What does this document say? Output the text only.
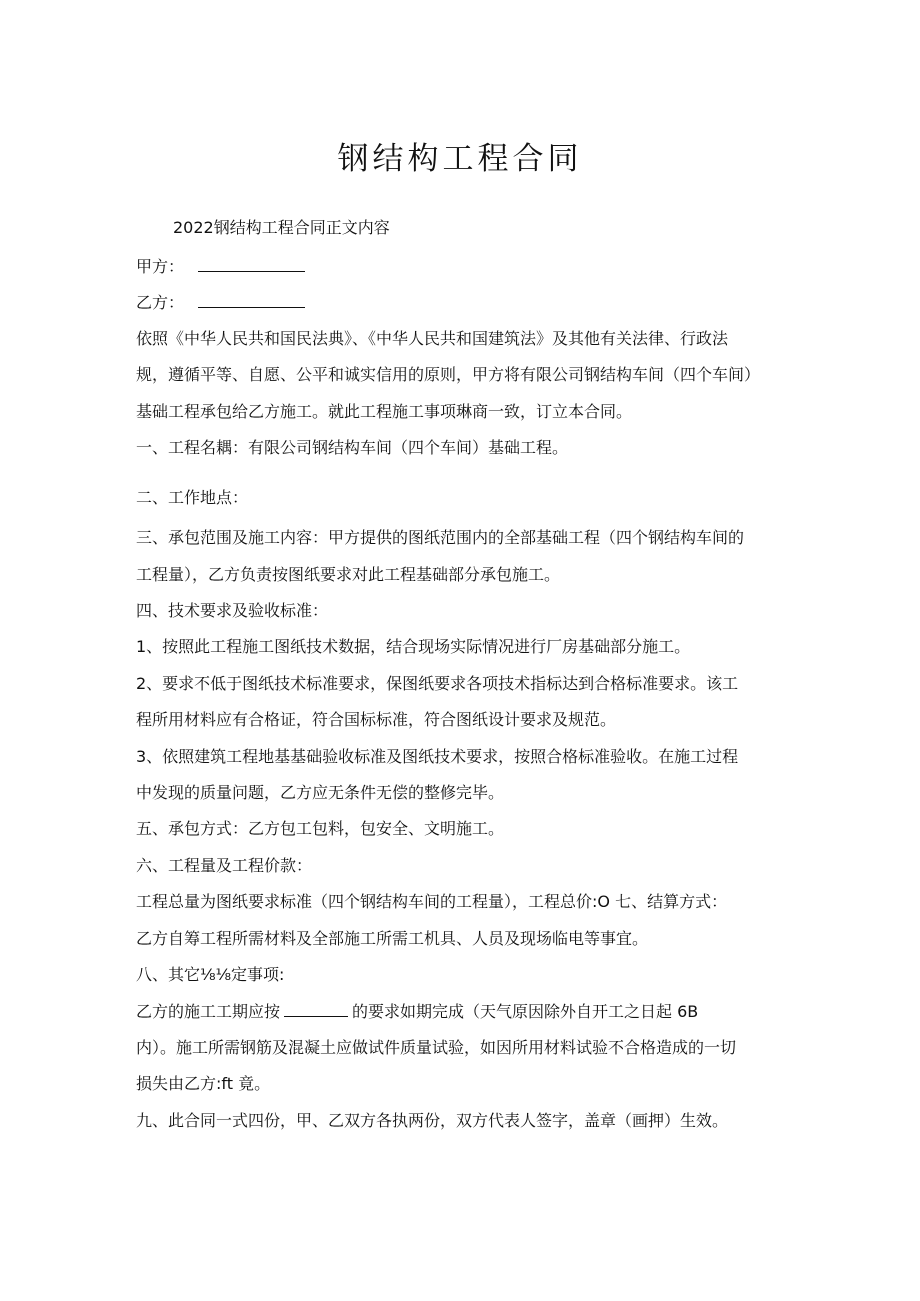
钢结构工程合同

2022钢结构工程合同正文内容

甲方：

乙方：

依照《中华人民共和国民法典》、《中华人民共和国建筑法》及其他有关法律、行政法

规，遵循平等、自愿、公平和诚实信用的原则，甲方将有限公司钢结构车间（四个车间）

基础工程承包给乙方施工。就此工程施工事项琳商一致，订立本合同。

一、工程名耦：有限公司钢结构车间（四个车间）基础工程。

二、工作地点：

三、承包范围及施工内容：甲方提供的图纸范围内的全部基础工程（四个钢结构车间的

工程量），乙方负责按图纸要求对此工程基础部分承包施工。

四、技术要求及验收标准：

1、按照此工程施工图纸技术数据，结合现场实际情况进行厂房基础部分施工。

2、要求不低于图纸技术标准要求，保图纸要求各项技术指标达到合格标准要求。该工

程所用材料应有合格证，符合国标标准，符合图纸设计要求及规范。

3、依照建筑工程地基基础验收标准及图纸技术要求，按照合格标准验收。在施工过程

中发现的质量问题，乙方应无条件无偿的整修完毕。

五、承包方式：乙方包工包料，包安全、文明施工。

六、工程量及工程价款：

工程总量为图纸要求标准（四个钢结构车间的工程量），工程总价:O 七、结算方式：

乙方自筹工程所需材料及全部施工所需工机具、人员及现场临电等事宜。

八、其它⅛⅛定事项:

乙方的施工工期应按	的要求如期完成（天气原因除外自开工之日起 6B

内）。施工所需钢筋及混凝土应做试件质量试验，如因所用材料试验不合格造成的一切

损失由乙方:ft 竟。

九、此合同一式四份，甲、乙双方各执两份，双方代表人签字，盖章（画押）生效。
